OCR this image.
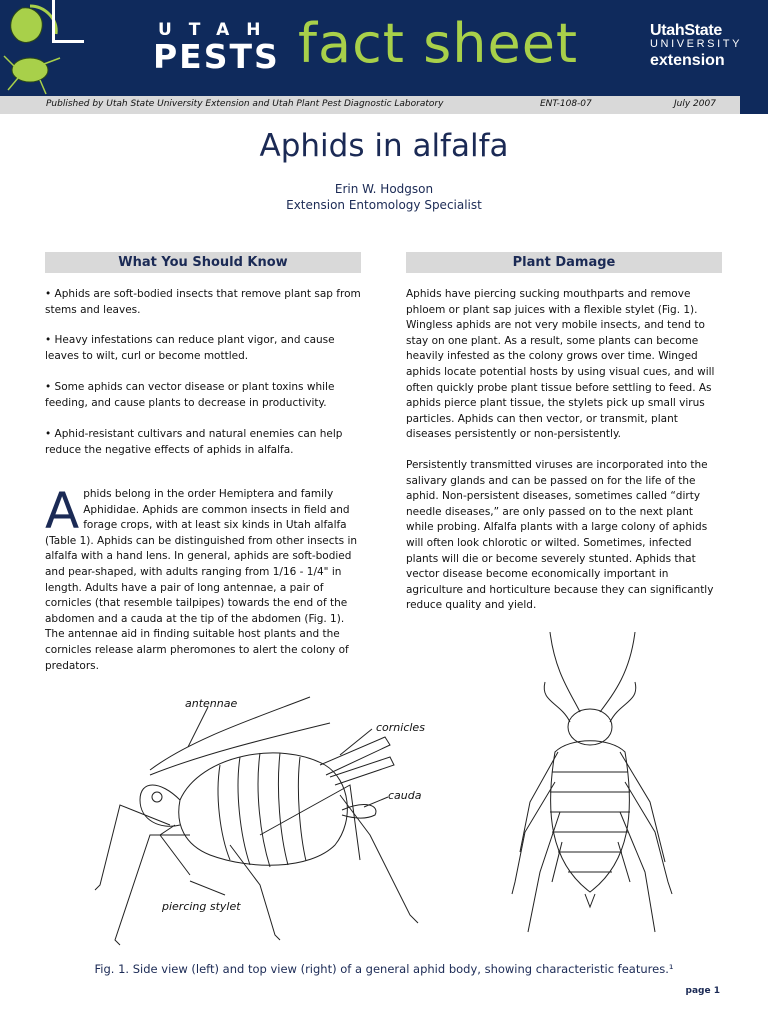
UTAH
PESTS fact sheet	UtahState
UNIVERSITY
extension
Published by Utah State University Extension and Utah Plant Pest Diagnostic Laboratory	ENT-108-07	July 2007
Aphids in alfalfa
Erin W. Hodgson
Extension Entomology Specialist
What You Should Know

• Aphids are soft-bodied insects that remove plant sap from stems and leaves.

• Heavy infestations can reduce plant vigor, and cause leaves to wilt, curl or become mottled.

• Some aphids can vector disease or plant toxins while feeding, and cause plants to decrease in productivity.

• Aphid-resistant cultivars and natural enemies can help reduce the negative effects of aphids in alfalfa.

A phids belong in the order Hemiptera and family Aphididae. Aphids are common insects in field and forage crops, with at least six kinds in Utah alfalfa (Table 1). Aphids can be distinguished from other insects in alfalfa with a hand lens. In general, aphids are soft-bodied and pear-shaped, with adults ranging from 1/16 - 1/4" in length. Adults have a pair of long antennae, a pair of cornicles (that resemble tailpipes) towards the end of the abdomen and a cauda at the tip of the abdomen (Fig. 1). The antennae aid in finding suitable host plants and the cornicles release alarm pheromones to alert the colony of predators.
Plant Damage

Aphids have piercing sucking mouthparts and remove phloem or plant sap juices with a flexible stylet (Fig. 1). Wingless aphids are not very mobile insects, and tend to stay on one plant. As a result, some plants can become heavily infested as the colony grows over time. Winged aphids locate potential hosts by using visual cues, and will often quickly probe plant tissue before settling to feed. As aphids pierce plant tissue, the stylets pick up small virus particles. Aphids can then vector, or transmit, plant diseases persistently or non-persistently.

Persistently transmitted viruses are incorporated into the salivary glands and can be passed on for the life of the aphid. Non-persistent diseases, sometimes called “dirty needle diseases,” are only passed on to the next plant while probing. Alfalfa plants with a large colony of aphids will often look chlorotic or wilted. Sometimes, infected plants will die or become severely stunted. Aphids that vector disease become economically important in agriculture and horticulture because they can significantly reduce quality and yield.

antennae
cornicles
cauda
piercing stylet
Fig. 1. Side view (left) and top view (right) of a general aphid body, showing characteristic features.¹
page 1
